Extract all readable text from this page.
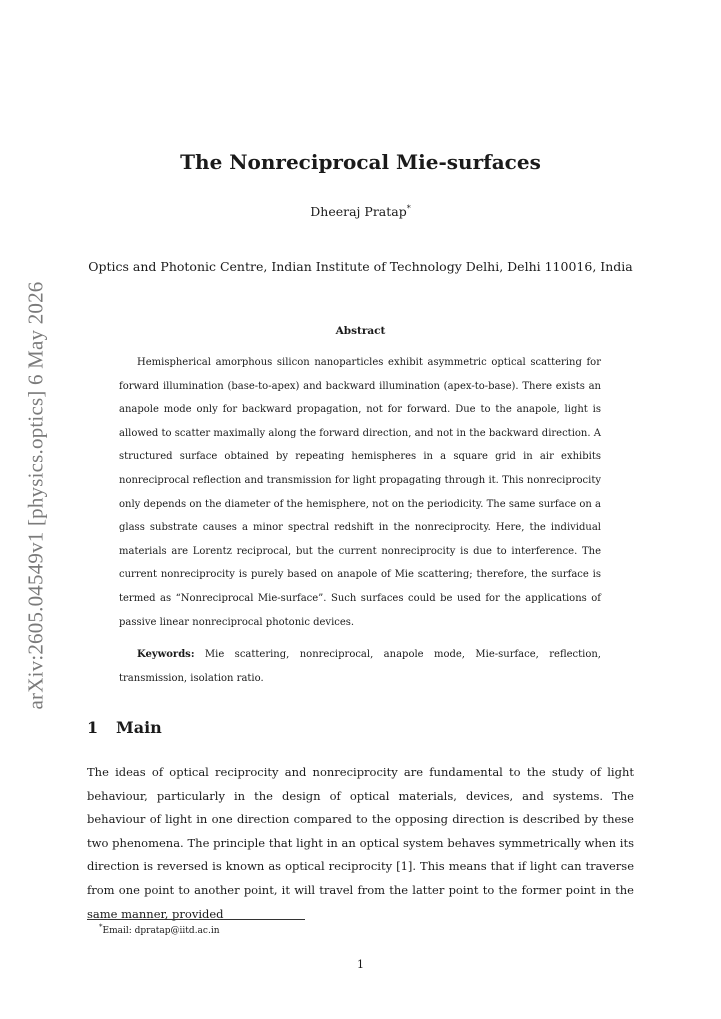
arXiv:2605.04549v1 [physics.optics] 6 May 2026
The Nonreciprocal Mie-surfaces
Dheeraj Pratap*
Optics and Photonic Centre, Indian Institute of Technology Delhi, Delhi 110016, India
Abstract

Hemispherical amorphous silicon nanoparticles exhibit asymmetric optical scattering for forward illumination (base-to-apex) and backward illumination (apex-to-base). There exists an anapole mode only for backward propagation, not for forward. Due to the anapole, light is allowed to scatter maximally along the forward direction, and not in the backward direction. A structured surface obtained by repeating hemispheres in a square grid in air exhibits nonreciprocal reflection and transmission for light propagating through it. This nonreciprocity only depends on the diameter of the hemisphere, not on the periodicity. The same surface on a glass substrate causes a minor spectral redshift in the nonreciprocity. Here, the individual materials are Lorentz reciprocal, but the current nonreciprocity is due to interference. The current nonreciprocity is purely based on anapole of Mie scattering; therefore, the surface is termed as “Nonreciprocal Mie-surface”. Such surfaces could be used for the applications of passive linear nonreciprocal photonic devices.

Keywords: Mie scattering, nonreciprocal, anapole mode, Mie-surface, reflection, transmission, isolation ratio.

1 Main

The ideas of optical reciprocity and nonreciprocity are fundamental to the study of light behaviour, particularly in the design of optical materials, devices, and systems. The behaviour of light in one direction compared to the opposing direction is described by these two phenomena. The principle that light in an optical system behaves symmetrically when its direction is reversed is known as optical reciprocity [1]. This means that if light can traverse from one point to another point, it will travel from the latter point to the former point in the same manner, provided

*Email: dpratap@iitd.ac.in
1
